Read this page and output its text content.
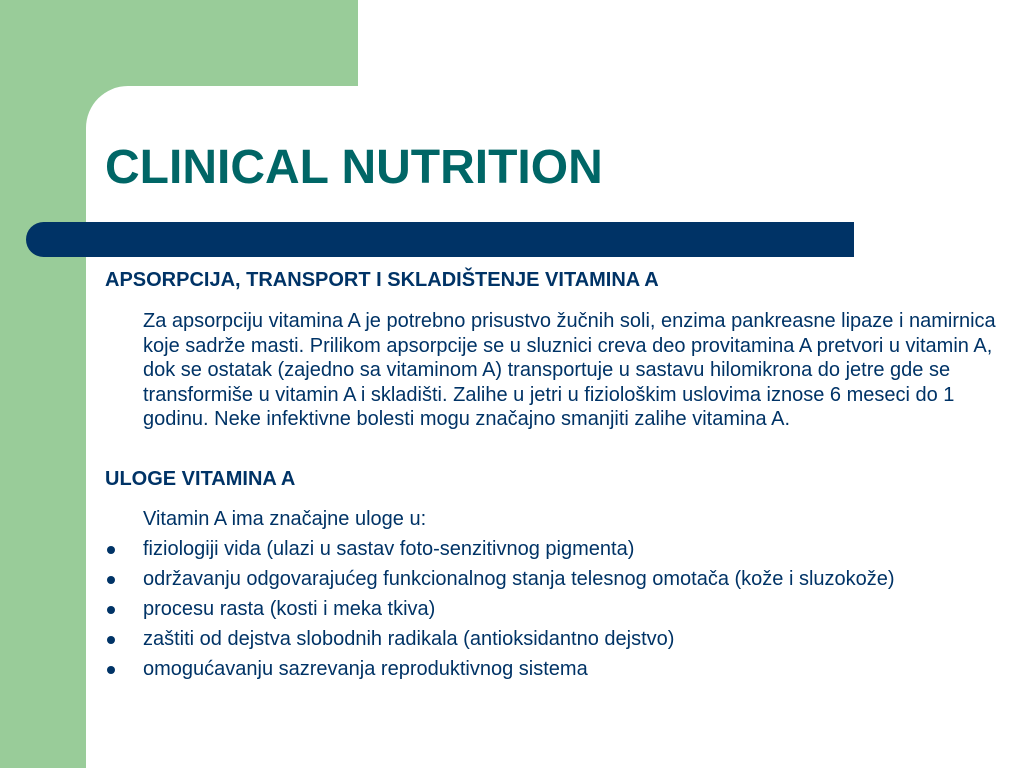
CLINICAL NUTRITION

APSORPCIJA, TRANSPORT I SKLADIŠTENJE VITAMINA A

Za apsorpciju vitamina A je potrebno prisustvo žučnih soli, enzima pankreasne lipaze i namirnica koje sadrže masti. Prilikom apsorpcije se u sluznici creva deo provitamina A pretvori u vitamin A, dok se ostatak (zajedno sa vitaminom A) transportuje u sastavu hilomikrona do jetre gde se transformiše u vitamin A i skladišti. Zalihe u jetri u fiziološkim uslovima iznose 6 meseci do 1 godinu. Neke infektivne bolesti mogu značajno smanjiti zalihe vitamina A.

ULOGE VITAMINA A

Vitamin A ima značajne uloge u:

fiziologiji vida (ulazi u sastav foto-senzitivnog pigmenta)
održavanju odgovarajućeg funkcionalnog stanja telesnog omotača (kože i sluzokože)
procesu rasta (kosti i meka tkiva)
zaštiti od dejstva slobodnih radikala (antioksidantno dejstvo)
omogućavanju sazrevanja reproduktivnog sistema
